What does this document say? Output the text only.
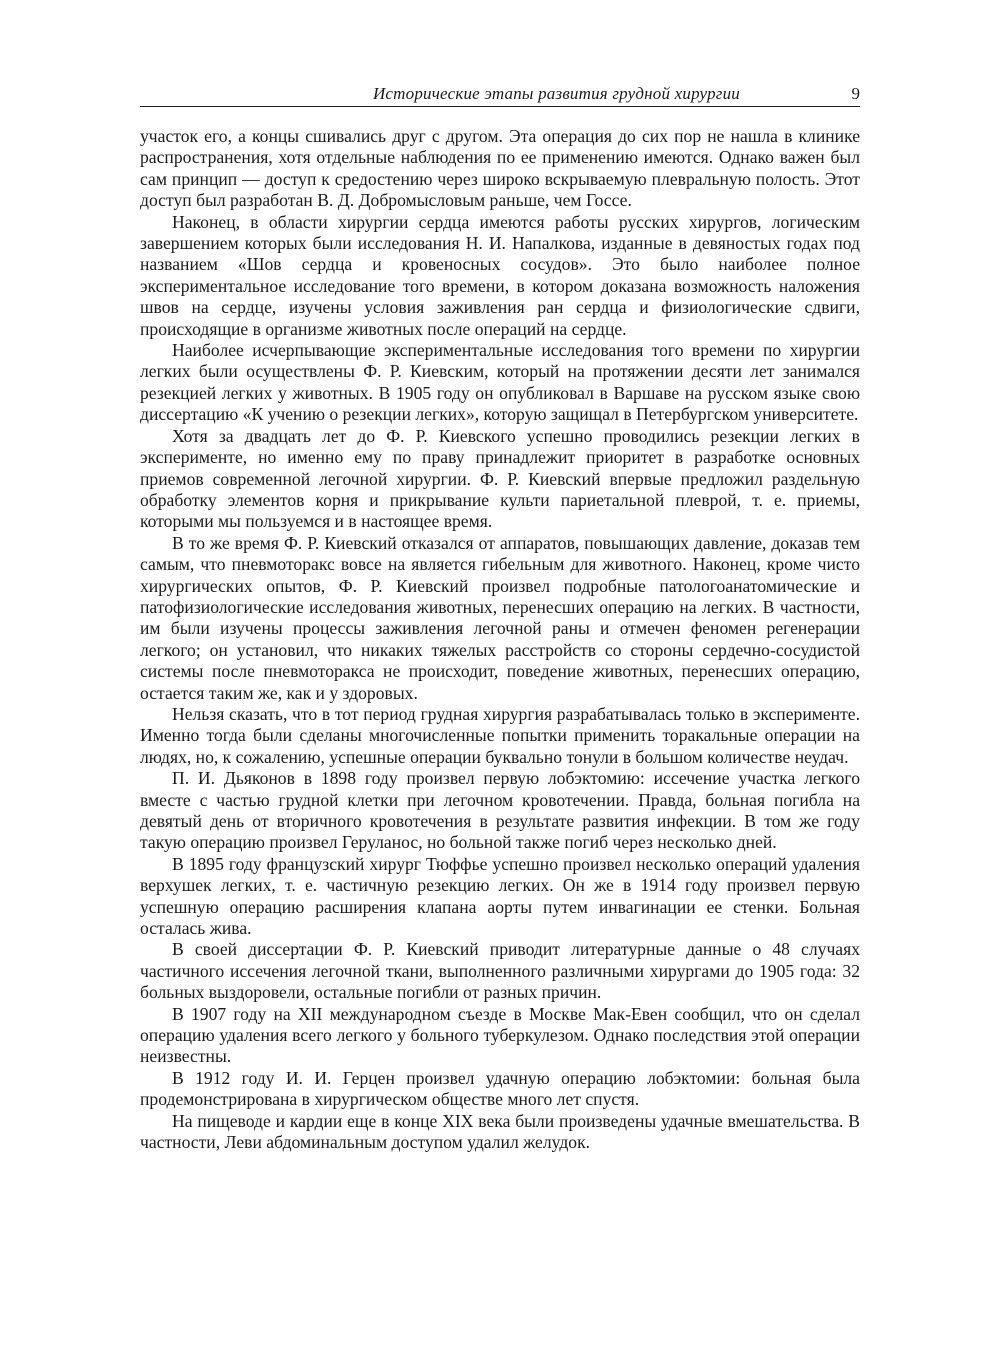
Исторические этапы развития грудной хирургии	9

участок его, а концы сшивались друг с другом. Эта операция до сих пор не нашла в клинике распространения, хотя отдельные наблюдения по ее применению имеются. Однако важен был сам принцип — доступ к средостению через широко вскрываемую плевральную полость. Этот доступ был разработан В. Д. Добромысловым раньше, чем Госсе.

Наконец, в области хирургии сердца имеются работы русских хирургов, логическим завершением которых были исследования Н. И. Напалкова, изданные в девяностых годах под названием «Шов сердца и кровеносных сосудов». Это было наиболее полное экспериментальное исследование того времени, в котором доказана возможность наложения швов на сердце, изучены условия заживления ран сердца и физиологические сдвиги, происходящие в организме животных после операций на сердце.

Наиболее исчерпывающие экспериментальные исследования того времени по хирургии легких были осуществлены Ф. Р. Киевским, который на протяжении десяти лет занимался резекцией легких у животных. В 1905 году он опубликовал в Варшаве на русском языке свою диссертацию «К учению о резекции легких», которую защищал в Петербургском университете.

Хотя за двадцать лет до Ф. Р. Киевского успешно проводились резекции легких в эксперименте, но именно ему по праву принадлежит приоритет в разработке основных приемов современной легочной хирургии. Ф. Р. Киевский впервые предложил раздельную обработку элементов корня и прикрывание культи париетальной плеврой, т. е. приемы, которыми мы пользуемся и в настоящее время.

В то же время Ф. Р. Киевский отказался от аппаратов, повышающих давление, доказав тем самым, что пневмоторакс вовсе на является гибельным для животного. Наконец, кроме чисто хирургических опытов, Ф. Р. Киевский произвел подробные патологоанатомические и патофизиологические исследования животных, перенесших операцию на легких. В частности, им были изучены процессы заживления легочной раны и отмечен феномен регенерации легкого; он установил, что никаких тяжелых расстройств со стороны сердечно-сосудистой системы после пневмоторакса не происходит, поведение животных, перенесших операцию, остается таким же, как и у здоровых.

Нельзя сказать, что в тот период грудная хирургия разрабатывалась только в эксперименте. Именно тогда были сделаны многочисленные попытки применить торакальные операции на людях, но, к сожалению, успешные операции буквально тонули в большом количестве неудач.

П. И. Дьяконов в 1898 году произвел первую лобэктомию: иссечение участка легкого вместе с частью грудной клетки при легочном кровотечении. Правда, больная погибла на девятый день от вторичного кровотечения в результате развития инфекции. В том же году такую операцию произвел Геруланос, но больной также погиб через несколько дней.

В 1895 году французский хирург Тюффье успешно произвел несколько операций удаления верхушек легких, т. е. частичную резекцию легких. Он же в 1914 году произвел первую успешную операцию расширения клапана аорты путем инвагинации ее стенки. Больная осталась жива.

В своей диссертации Ф. Р. Киевский приводит литературные данные о 48 случаях частичного иссечения легочной ткани, выполненного различными хирургами до 1905 года: 32 больных выздоровели, остальные погибли от разных причин.

В 1907 году на XII международном съезде в Москве Мак-Евен сообщил, что он сделал операцию удаления всего легкого у больного туберкулезом. Однако последствия этой операции неизвестны.

В 1912 году И. И. Герцен произвел удачную операцию лобэктомии: больная была продемонстрирована в хирургическом обществе много лет спустя.

На пищеводе и кардии еще в конце XIX века были произведены удачные вмешательства. В частности, Леви абдоминальным доступом удалил желудок.
